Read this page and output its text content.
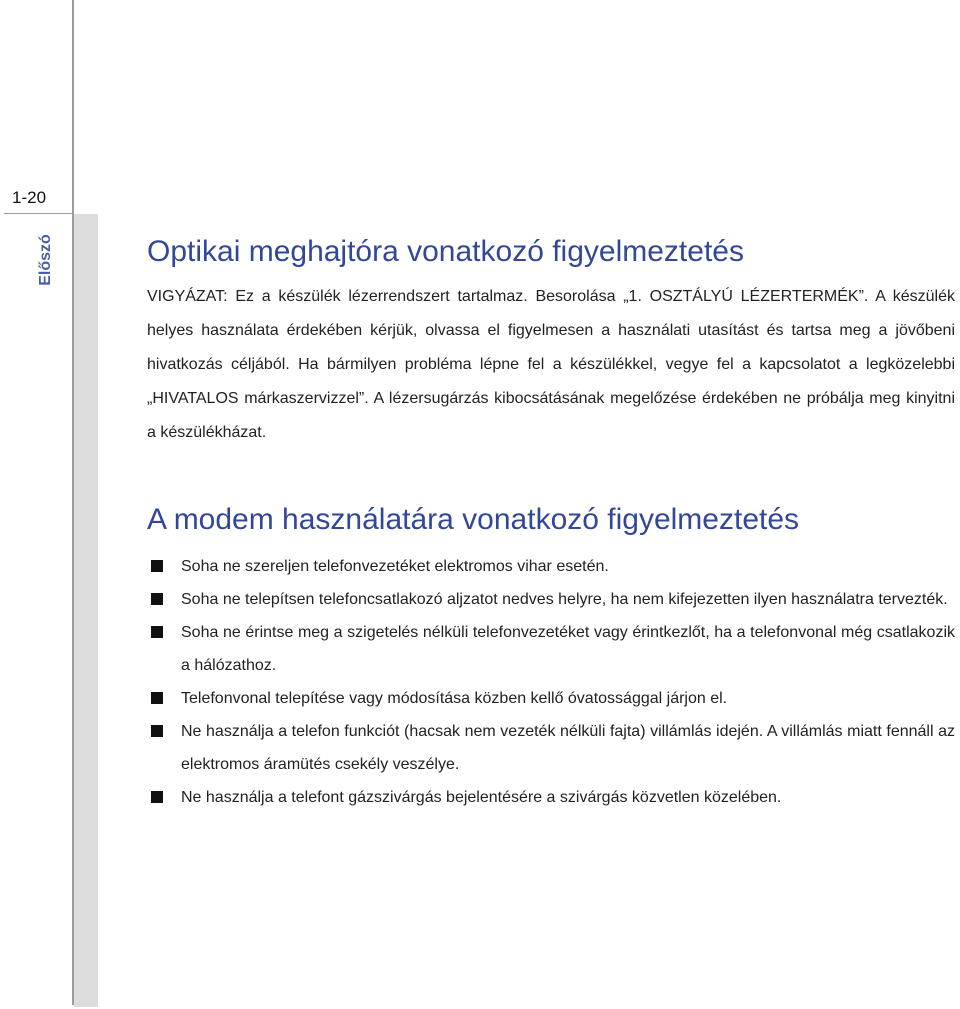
1-20
Előszó	Optikai meghajtóra vonatkozó figyelmeztetés

VIGYÁZAT: Ez a készülék lézerrendszert tartalmaz. Besorolása „1. OSZTÁLYÚ LÉZERTERMÉK”. A készülék helyes használata érdekében kérjük, olvassa el figyelmesen a használati utasítást és tartsa meg a jövőbeni hivatkozás céljából. Ha bármilyen probléma lépne fel a készülékkel, vegye fel a kapcsolatot a legközelebbi „HIVATALOS márkaszervizzel”. A lézersugárzás kibocsátásának megelőzése érdekében ne próbálja meg kinyitni a készülékházat.

A modem használatára vonatkozó figyelmeztetés
Soha ne szereljen telefonvezetéket elektromos vihar esetén.
Soha ne telepítsen telefoncsatlakozó aljzatot nedves helyre, ha nem kifejezetten ilyen használatra tervezték.
Soha ne érintse meg a szigetelés nélküli telefonvezetéket vagy érintkezlőt, ha a telefonvonal még csatlakozik a hálózathoz.
Telefonvonal telepítése vagy módosítása közben kellő óvatossággal járjon el.
Ne használja a telefon funkciót (hacsak nem vezeték nélküli fajta) villámlás idején. A villámlás miatt fennáll az elektromos áramütés csekély veszélye.
Ne használja a telefont gázszivárgás bejelentésére a szivárgás közvetlen közelében.
